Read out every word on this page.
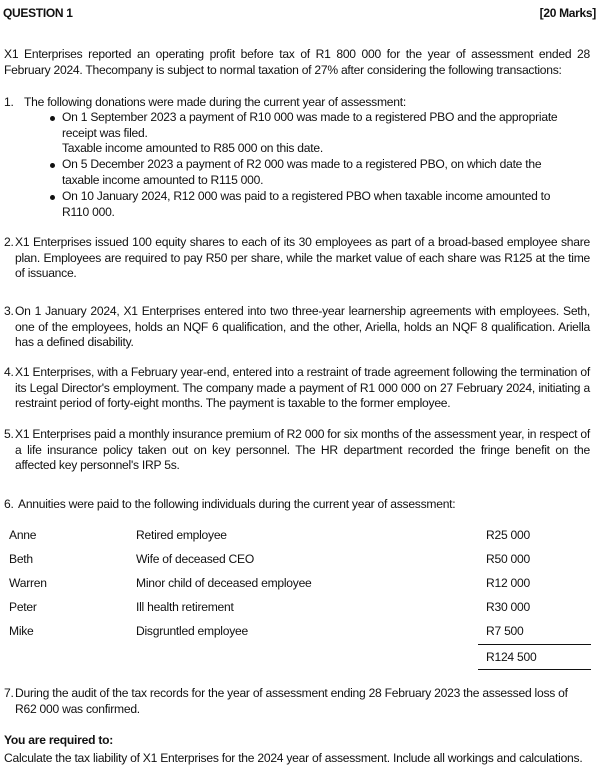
QUESTION 1	[20 Marks]
X1 Enterprises reported an operating profit before tax of R1 800 000 for the year of assessment ended 28 February 2024. Thecompany is subject to normal taxation of 27% after considering the following transactions:
1. The following donations were made during the current year of assessment:
On 1 September 2023 a payment of R10 000 was made to a registered PBO and the appropriate
receipt was filed.
Taxable income amounted to R85 000 on this date.
On 5 December 2023 a payment of R2 000 was made to a registered PBO, on which date the
taxable income amounted to R115 000.
On 10 January 2024, R12 000 was paid to a registered PBO when taxable income amounted to
R110 000.
2. X1 Enterprises issued 100 equity shares to each of its 30 employees as part of a broad-based employee share plan. Employees are required to pay R50 per share, while the market value of each share was R125 at the time of issuance.
3. On 1 January 2024, X1 Enterprises entered into two three-year learnership agreements with employees. Seth, one of the employees, holds an NQF 6 qualification, and the other, Ariella, holds an NQF 8 qualification. Ariella has a defined disability.
4. X1 Enterprises, with a February year-end, entered into a restraint of trade agreement following the termination of its Legal Director's employment. The company made a payment of R1 000 000 on 27 February 2024, initiating a restraint period of forty-eight months. The payment is taxable to the former employee.
5. X1 Enterprises paid a monthly insurance premium of R2 000 for six months of the assessment year, in respect of a life insurance policy taken out on key personnel. The HR department recorded the fringe benefit on the affected key personnel's IRP 5s.
6. Annuities were paid to the following individuals during the current year of assessment:
Anne	Retired employee	R25 000
Beth	Wife of deceased CEO	R50 000
Warren	Minor child of deceased employee	R12 000
Peter	Ill health retirement	R30 000
Mike	Disgruntled employee	R7 500
R124 500
7. During the audit of the tax records for the year of assessment ending 28 February 2023 the assessed loss of
R62 000 was confirmed.
You are required to:
Calculate the tax liability of X1 Enterprises for the 2024 year of assessment. Include all workings and calculations.
